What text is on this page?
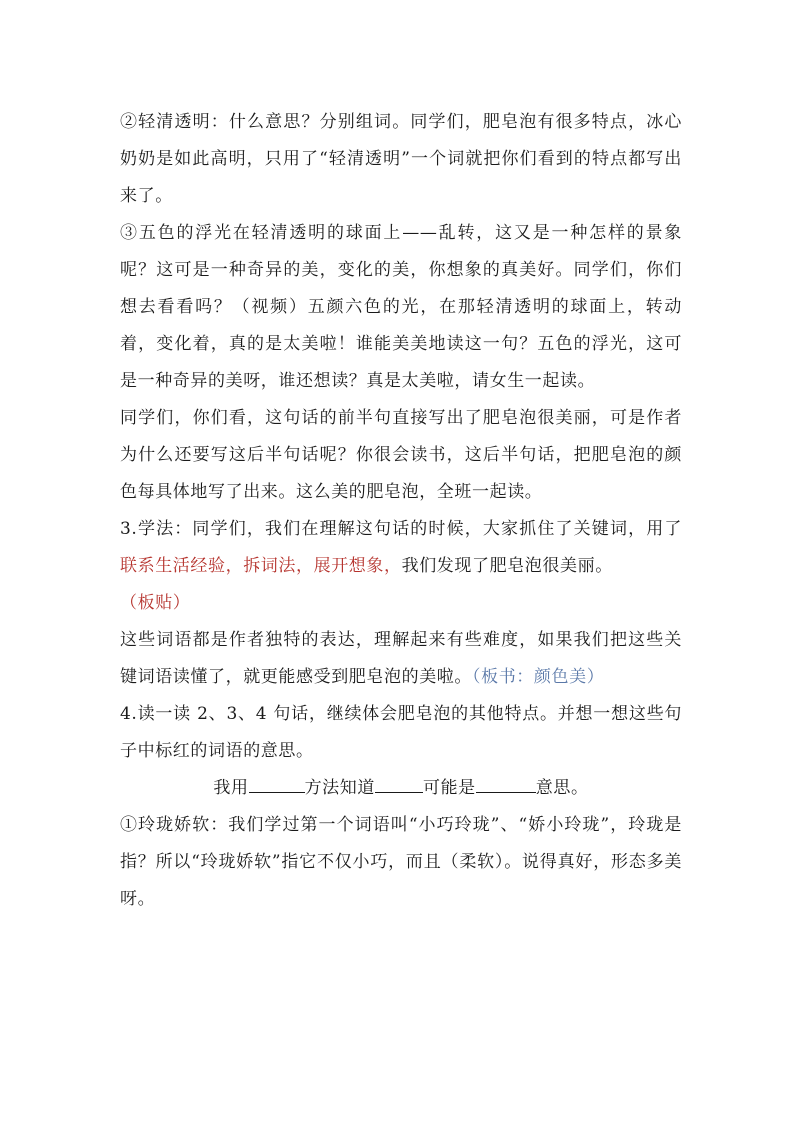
②轻清透明：什么意思？分别组词。同学们，肥皂泡有很多特点，冰心奶奶是如此高明，只用了“轻清透明”一个词就把你们看到的特点都写出来了。

③五色的浮光在轻清透明的球面上——乱转，这又是一种怎样的景象呢？这可是一种奇异的美，变化的美，你想象的真美好。同学们，你们想去看看吗？（视频）五颜六色的光，在那轻清透明的球面上，转动着，变化着，真的是太美啦！谁能美美地读这一句？五色的浮光，这可是一种奇异的美呀，谁还想读？真是太美啦，请女生一起读。

同学们，你们看，这句话的前半句直接写出了肥皂泡很美丽，可是作者为什么还要写这后半句话呢？你很会读书，这后半句话，把肥皂泡的颜色每具体地写了出来。这么美的肥皂泡，全班一起读。

3.学法：同学们，我们在理解这句话的时候，大家抓住了关键词，用了联系生活经验，拆词法，展开想象，我们发现了肥皂泡很美丽。
（板贴）

这些词语都是作者独特的表达，理解起来有些难度，如果我们把这些关键词语读懂了，就更能感受到肥皂泡的美啦。（板书：颜色美）

4.读一读 2、3、4 句话，继续体会肥皂泡的其他特点。并想一想这些句子中标红的词语的意思。

我用	方法知道	可能是	意思。

①玲珑娇软：我们学过第一个词语叫“小巧玲珑”、“娇小玲珑”，玲珑是指？所以“玲珑娇软”指它不仅小巧，而且（柔软）。说得真好，形态多美呀。
